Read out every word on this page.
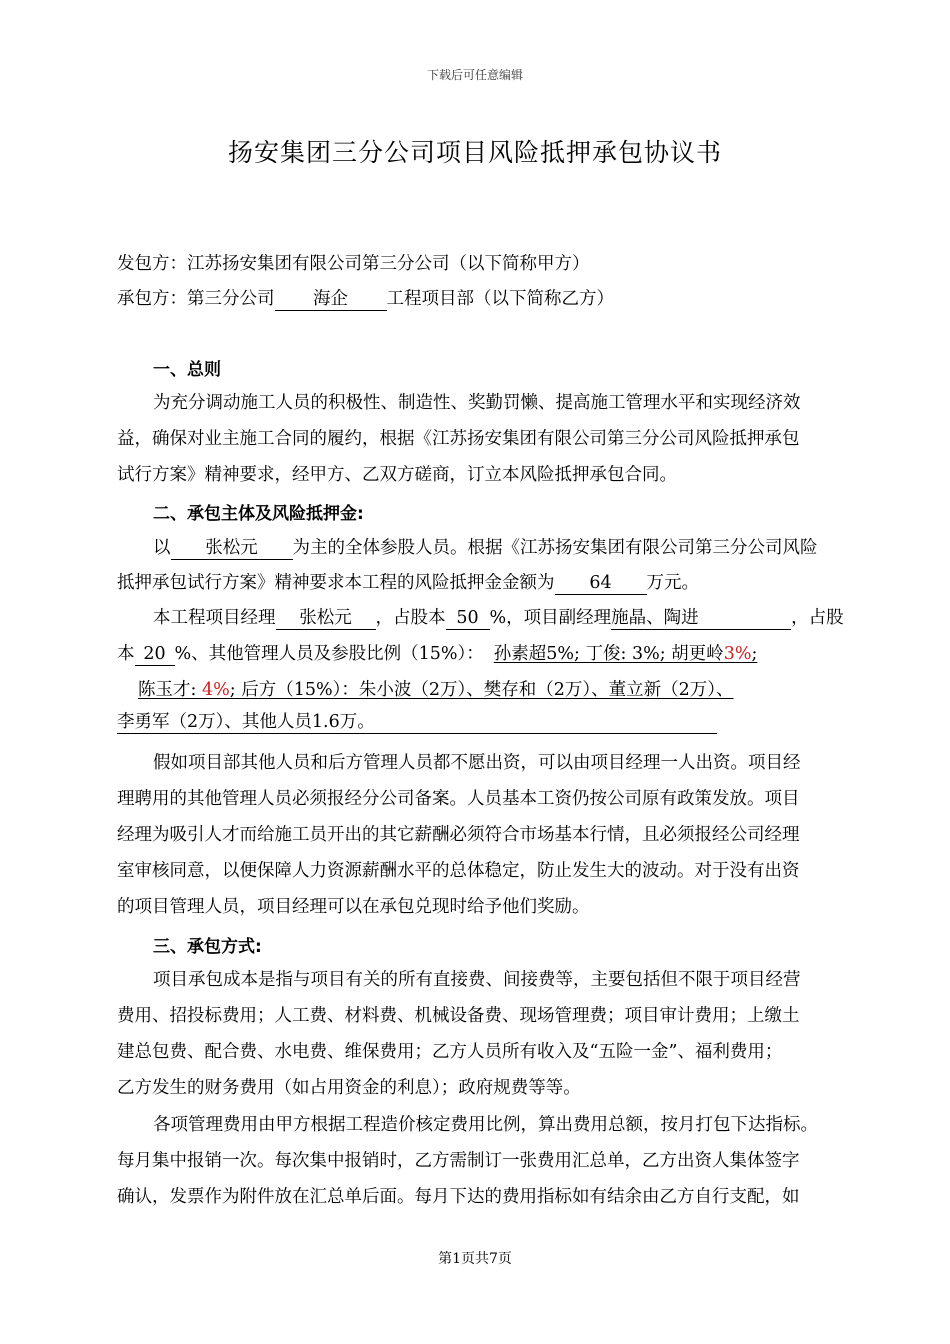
下载后可任意编辑
扬安集团三分公司项目风险抵押承包协议书
发包方：江苏扬安集团有限公司第三分公司（以下简称甲方）
承包方：第三分公司 海企 工程项目部（以下简称乙方）
一、总则
为充分调动施工人员的积极性、制造性、奖勤罚懒、提高施工管理水平和实现经济效
益，确保对业主施工合同的履约，根据《江苏扬安集团有限公司第三分公司风险抵押承包
试行方案》精神要求，经甲方、乙双方磋商，订立本风险抵押承包合同。
二、承包主体及风险抵押金:
以 张松元 为主的全体参股人员。根据《江苏扬安集团有限公司第三分公司风险
抵押承包试行方案》精神要求本工程的风险抵押金金额为 64 万元。
本工程项目经理 张松元 ，占股本 50 %，项目副经理施晶、陶进	，占股
本 20 %、其他管理人员及参股比例（15%）： 孙素超5%; 丁俊: 3%; 胡更岭3%;
陈玉才: 4%; 后方（15%）：朱小波（2万）、樊存和（2万）、董立新（2万）、
李勇军（2万）、其他人员1.6万。
假如项目部其他人员和后方管理人员都不愿出资，可以由项目经理一人出资。项目经
理聘用的其他管理人员必须报经分公司备案。人员基本工资仍按公司原有政策发放。项目
经理为吸引人才而给施工员开出的其它薪酬必须符合市场基本行情，且必须报经公司经理
室审核同意，以便保障人力资源薪酬水平的总体稳定，防止发生大的波动。对于没有出资
的项目管理人员，项目经理可以在承包兑现时给予他们奖励。
三、承包方式:
项目承包成本是指与项目有关的所有直接费、间接费等，主要包括但不限于项目经营
费用、招投标费用；人工费、材料费、机械设备费、现场管理费；项目审计费用；上缴土
建总包费、配合费、水电费、维保费用；乙方人员所有收入及“五险一金”、福利费用；
乙方发生的财务费用（如占用资金的利息）；政府规费等等。
各项管理费用由甲方根据工程造价核定费用比例，算出费用总额，按月打包下达指标。
每月集中报销一次。每次集中报销时，乙方需制订一张费用汇总单，乙方出资人集体签字
确认，发票作为附件放在汇总单后面。每月下达的费用指标如有结余由乙方自行支配，如
第1页共7页
